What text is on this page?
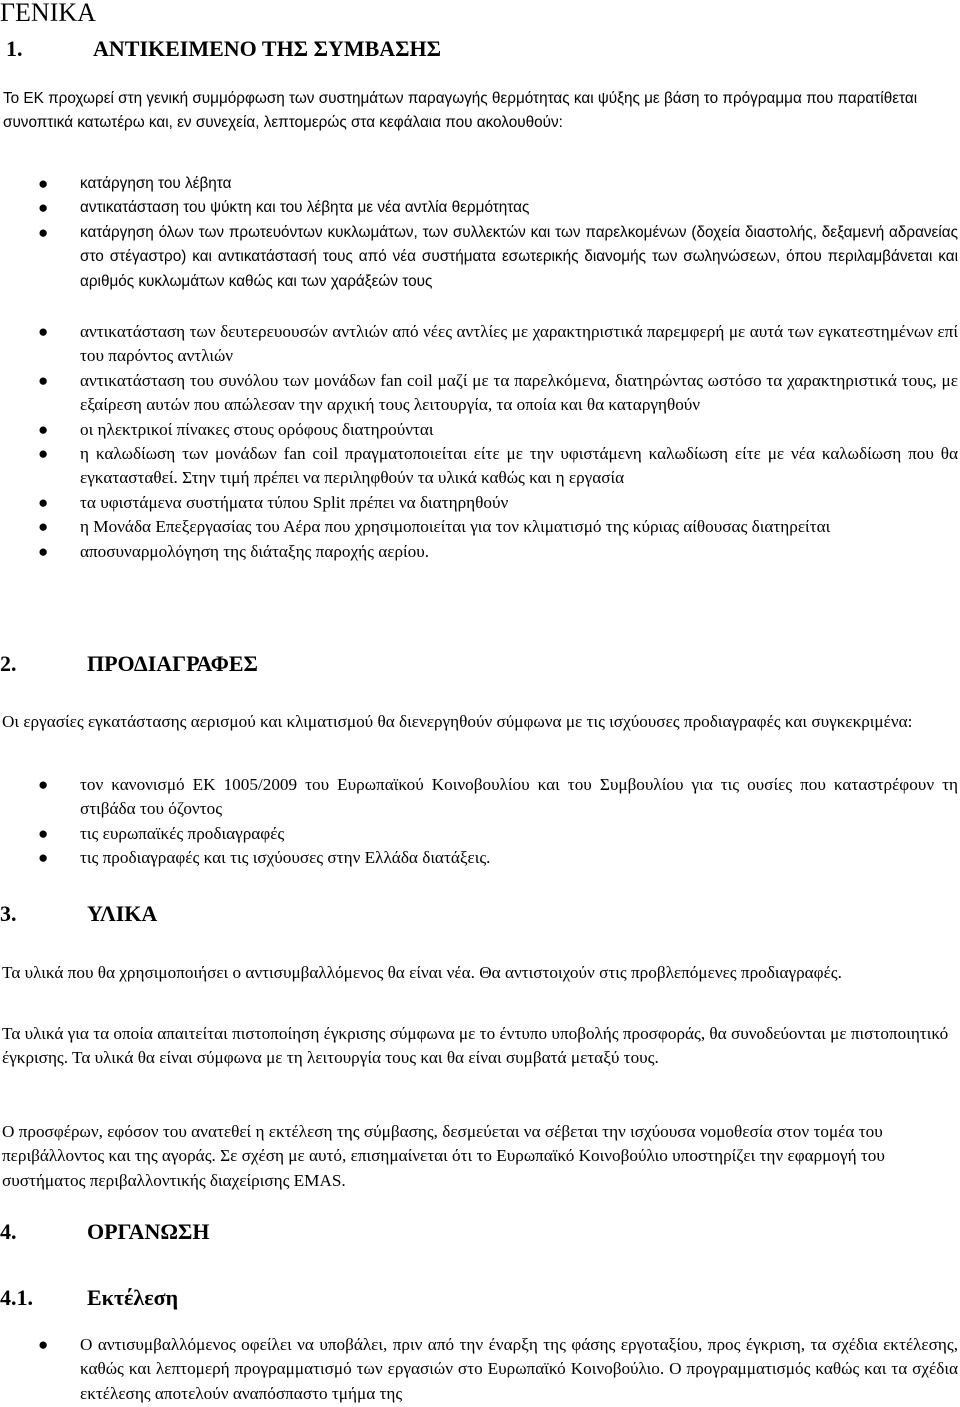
ΓΕΝΙΚΑ
1.	ΑΝΤΙΚΕΙΜΕΝΟ ΤΗΣ ΣΥΜΒΑΣΗΣ
Το ΕΚ προχωρεί στη γενική συμμόρφωση των συστημάτων παραγωγής θερμότητας και ψύξης με βάση το πρόγραμμα που παρατίθεται συνοπτικά κατωτέρω και, εν συνεχεία, λεπτομερώς στα κεφάλαια που ακολουθούν:
● κατάργηση του λέβητα
● αντικατάσταση του ψύκτη και του λέβητα με νέα αντλία θερμότητας
● κατάργηση όλων των πρωτευόντων κυκλωμάτων, των συλλεκτών και των παρελκομένων (δοχεία διαστολής, δεξαμενή αδρανείας στο στέγαστρο) και αντικατάστασή τους από νέα συστήματα εσωτερικής διανομής των σωληνώσεων, όπου περιλαμβάνεται και αριθμός κυκλωμάτων καθώς και των χαράξεών τους
● αντικατάσταση των δευτερευουσών αντλιών από νέες αντλίες με χαρακτηριστικά παρεμφερή με αυτά των εγκατεστημένων επί του παρόντος αντλιών
● αντικατάσταση του συνόλου των μονάδων fan coil μαζί με τα παρελκόμενα, διατηρώντας ωστόσο τα χαρακτηριστικά τους, με εξαίρεση αυτών που απώλεσαν την αρχική τους λειτουργία, τα οποία και θα καταργηθούν
● οι ηλεκτρικοί πίνακες στους ορόφους διατηρούνται
● η καλωδίωση των μονάδων fan coil πραγματοποιείται είτε με την υφιστάμενη καλωδίωση είτε με νέα καλωδίωση που θα εγκατασταθεί. Στην τιμή πρέπει να περιληφθούν τα υλικά καθώς και η εργασία
● τα υφιστάμενα συστήματα τύπου Split πρέπει να διατηρηθούν
● η Μονάδα Επεξεργασίας του Αέρα που χρησιμοποιείται για τον κλιματισμό της κύριας αίθουσας διατηρείται
● αποσυναρμολόγηση της διάταξης παροχής αερίου.
2.	ΠΡΟΔΙΑΓΡΑΦΕΣ
Οι εργασίες εγκατάστασης αερισμού και κλιματισμού θα διενεργηθούν σύμφωνα με τις ισχύουσες προδιαγραφές και συγκεκριμένα:
● τον κανονισμό ΕΚ 1005/2009 του Ευρωπαϊκού Κοινοβουλίου και του Συμβουλίου για τις ουσίες που καταστρέφουν τη στιβάδα του όζοντος
● τις ευρωπαϊκές προδιαγραφές
● τις προδιαγραφές και τις ισχύουσες στην Ελλάδα διατάξεις.
3.	ΥΛΙΚΑ
Τα υλικά που θα χρησιμοποιήσει ο αντισυμβαλλόμενος θα είναι νέα. Θα αντιστοιχούν στις προβλεπόμενες προδιαγραφές.
Τα υλικά για τα οποία απαιτείται πιστοποίηση έγκρισης σύμφωνα με το έντυπο υποβολής προσφοράς, θα συνοδεύονται με πιστοποιητικό έγκρισης. Τα υλικά θα είναι σύμφωνα με τη λειτουργία τους και θα είναι συμβατά μεταξύ τους.
Ο προσφέρων, εφόσον του ανατεθεί η εκτέλεση της σύμβασης, δεσμεύεται να σέβεται την ισχύουσα νομοθεσία στον τομέα του περιβάλλοντος και της αγοράς. Σε σχέση με αυτό, επισημαίνεται ότι το Ευρωπαϊκό Κοινοβούλιο υποστηρίζει την εφαρμογή του συστήματος περιβαλλοντικής διαχείρισης EMAS.
4.	ΟΡΓΑΝΩΣΗ
4.1. Εκτέλεση
● Ο αντισυμβαλλόμενος οφείλει να υποβάλει, πριν από την έναρξη της φάσης εργοταξίου, προς έγκριση, τα σχέδια εκτέλεσης, καθώς και λεπτομερή προγραμματισμό των εργασιών στο Ευρωπαϊκό Κοινοβούλιο. Ο προγραμματισμός καθώς και τα σχέδια εκτέλεσης αποτελούν αναπόσπαστο τμήμα της
